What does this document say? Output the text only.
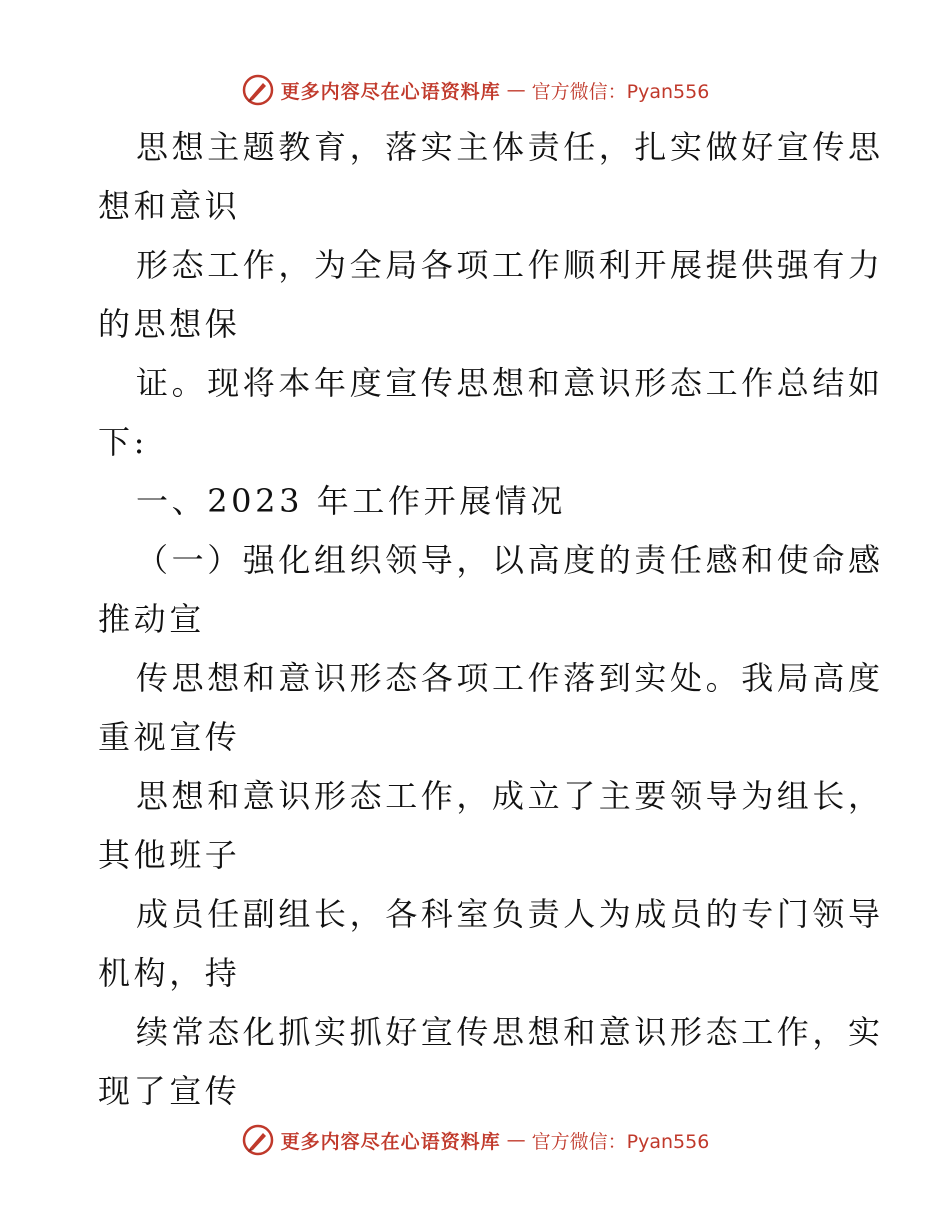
更多内容尽在心语资料库 — 官方微信：Pyan556
思想主题教育，落实主体责任，扎实做好宣传思
想和意识
形态工作，为全局各项工作顺利开展提供强有力
的思想保
证。现将本年度宣传思想和意识形态工作总结如
下:
一、2023 年工作开展情况
（一）强化组织领导，以高度的责任感和使命感
推动宣
传思想和意识形态各项工作落到实处。我局高度
重视宣传
思想和意识形态工作，成立了主要领导为组长，
其他班子
成员任副组长，各科室负责人为成员的专门领导
机构，持
续常态化抓实抓好宣传思想和意识形态工作，实
现了宣传
更多内容尽在心语资料库 — 官方微信：Pyan556
